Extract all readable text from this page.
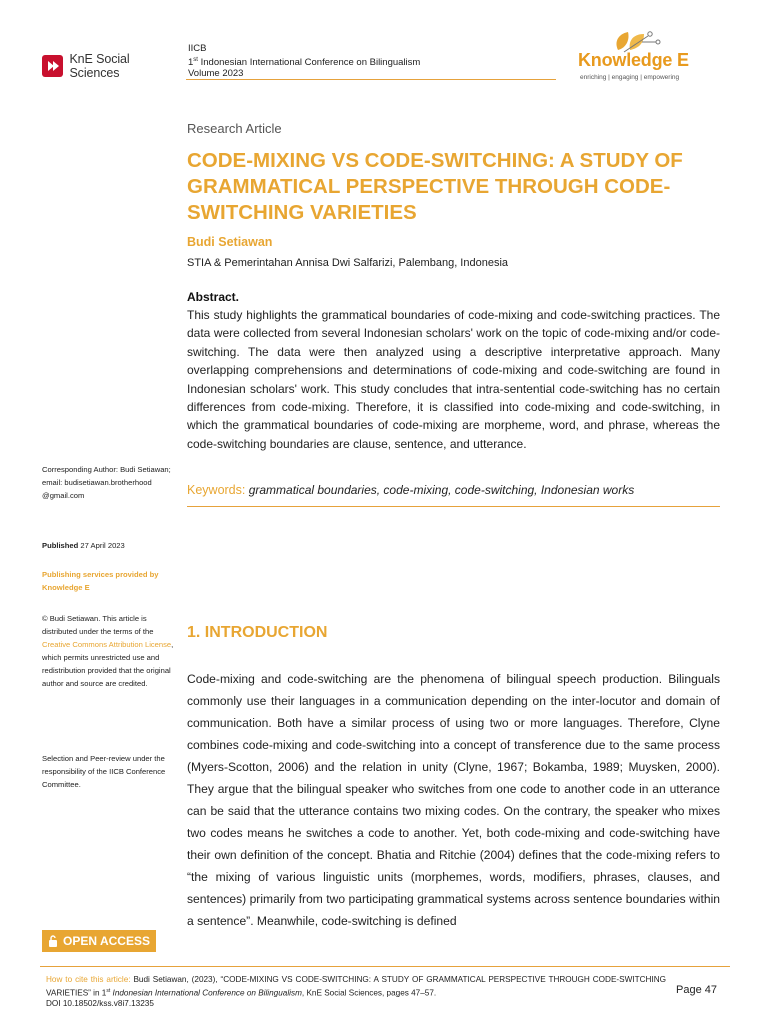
KnE Social Sciences
IICB
1st Indonesian International Conference on Bilingualism
Volume 2023
Knowledge E
enriching | engaging | empowering
Research Article
CODE-MIXING VS CODE-SWITCHING: A STUDY OF GRAMMATICAL PERSPECTIVE THROUGH CODE-SWITCHING VARIETIES
Budi Setiawan
STIA & Pemerintahan Annisa Dwi Salfarizi, Palembang, Indonesia
Abstract.

This study highlights the grammatical boundaries of code-mixing and code-switching practices. The data were collected from several Indonesian scholars' work on the topic of code-mixing and/or code-switching. The data were then analyzed using a descriptive interpretative approach. Many overlapping comprehensions and determinations of code-mixing and code-switching are found in Indonesian scholars' work. This study concludes that intra-sentential code-switching has no certain differences from code-mixing. Therefore, it is classified into code-mixing and code-switching, in which the grammatical boundaries of code-mixing are morpheme, word, and phrase, whereas the code-switching boundaries are clause, sentence, and utterance.

Keywords: grammatical boundaries, code-mixing, code-switching, Indonesian works
1. INTRODUCTION

Code-mixing and code-switching are the phenomena of bilingual speech production. Bilinguals commonly use their languages in a communication depending on the inter-locutor and domain of communication. Both have a similar process of using two or more languages. Therefore, Clyne combines code-mixing and code-switching into a concept of transference due to the same process (Myers-Scotton, 2006) and the relation in unity (Clyne, 1967; Bokamba, 1989; Muysken, 2000). They argue that the bilingual speaker who switches from one code to another code in an utterance can be said that the utterance contains two mixing codes. On the contrary, the speaker who mixes two codes means he switches a code to another. Yet, both code-mixing and code-switching have their own definition of the concept. Bhatia and Ritchie (2004) defines that the code-mixing refers to “the mixing of various linguistic units (morphemes, words, modifiers, phrases, clauses, and sentences) primarily from two participating grammatical systems across sentence boundaries within a sentence”. Meanwhile, code-switching is defined

Corresponding Author: Budi Setiawan; email: budisetiawan.brotherhood @gmail.com
Published 27 April 2023
Publishing services provided by Knowledge E
© Budi Setiawan. This article is distributed under the terms of the Creative Commons Attribution License, which permits unrestricted use and redistribution provided that the original author and source are credited.
Selection and Peer-review under the responsibility of the IICB Conference Committee.
OPEN ACCESS
How to cite this article: Budi Setiawan, (2023), “CODE-MIXING VS CODE-SWITCHING: A STUDY OF GRAMMATICAL PERSPECTIVE THROUGH CODE-SWITCHING VARIETIES” in 1st Indonesian International Conference on Bilingualism, KnE Social Sciences, pages 47–57.
DOI 10.18502/kss.v8i7.13235
Page 47
